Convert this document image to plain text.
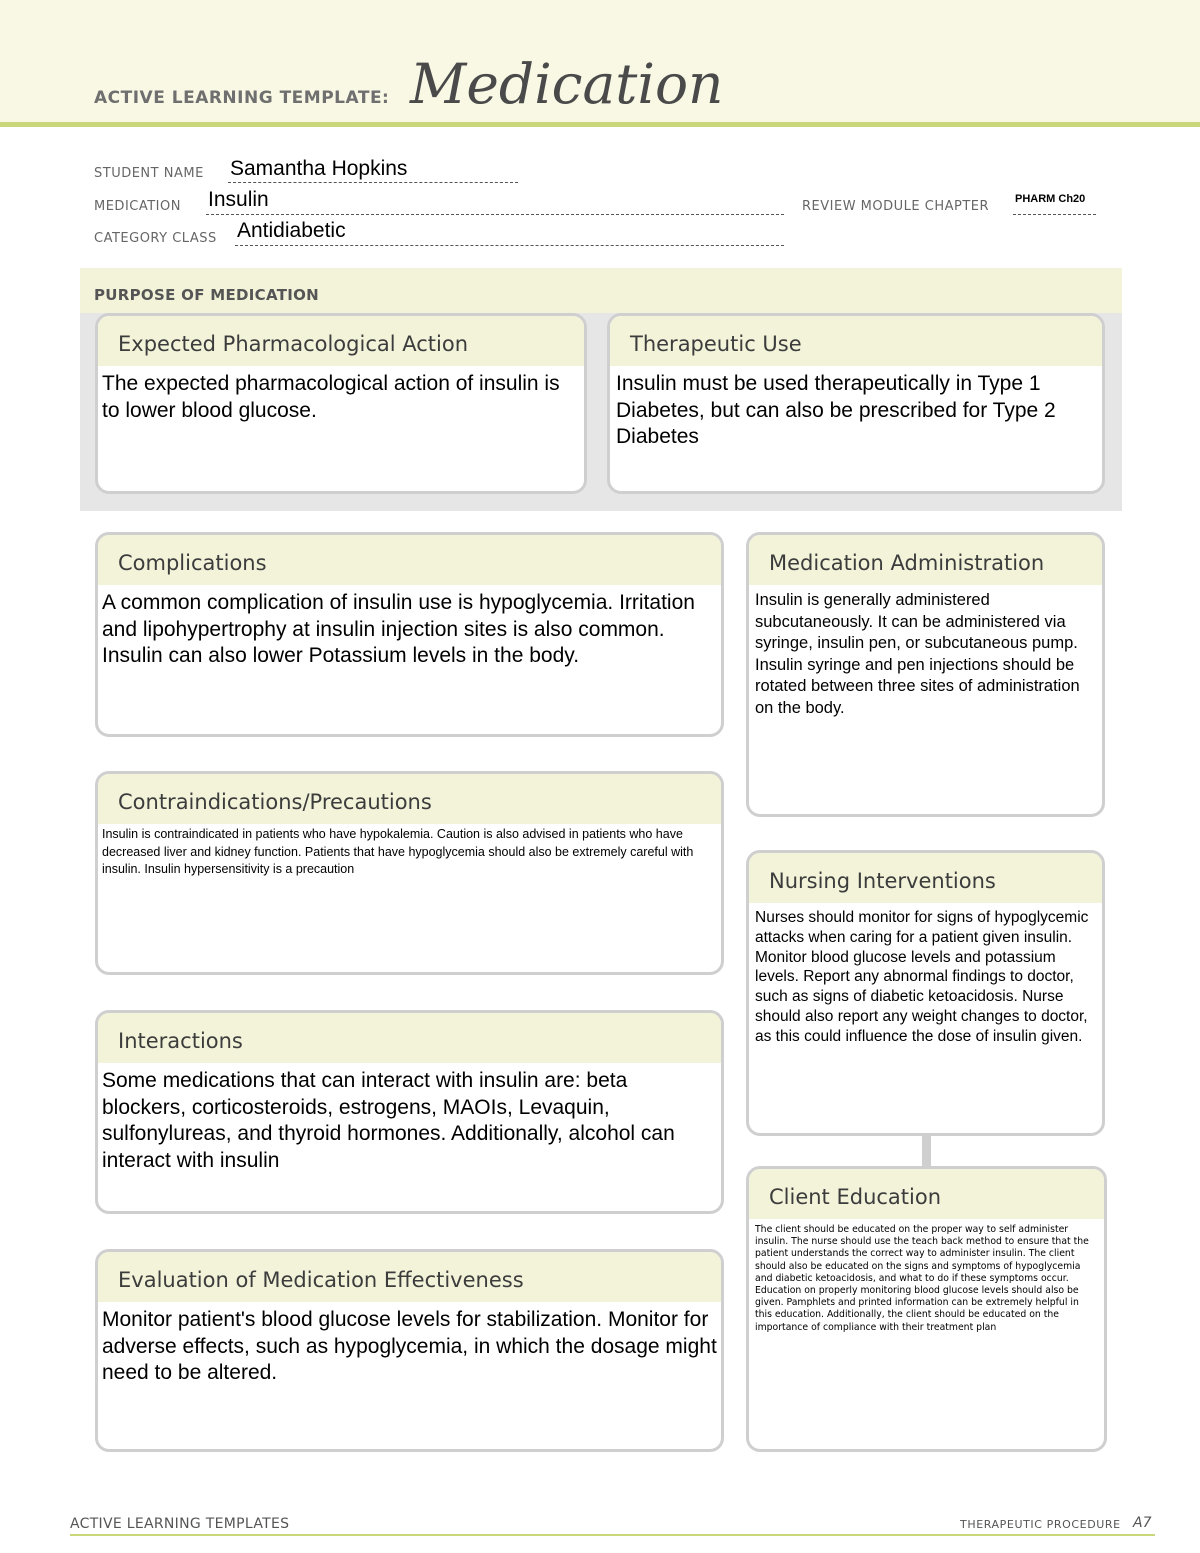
ACTIVE LEARNING TEMPLATE: Medication
STUDENT NAME Samantha Hopkins
MEDICATION Insulin	REVIEW MODULE CHAPTER PHARM Ch20
CATEGORY CLASS Antidiabetic
PURPOSE OF MEDICATION
Expected Pharmacological Action
The expected pharmacological action of insulin is to lower blood glucose.
Therapeutic Use
Insulin must be used therapeutically in Type 1 Diabetes, but can also be prescribed for Type 2 Diabetes
Complications
A common complication of insulin use is hypoglycemia. Irritation and lipohypertrophy at insulin injection sites is also common. Insulin can also lower Potassium levels in the body.
Medication Administration
Insulin is generally administered subcutaneously. It can be administered via syringe, insulin pen, or subcutaneous pump. Insulin syringe and pen injections should be rotated between three sites of administration on the body.
Contraindications/Precautions
Insulin is contraindicated in patients who have hypokalemia. Caution is also advised in patients who have decreased liver and kidney function. Patients that have hypoglycemia should also be extremely careful with insulin. Insulin hypersensitivity is a precaution	Nursing Interventions
Nurses should monitor for signs of hypoglycemic attacks when caring for a patient given insulin. Monitor blood glucose levels and potassium levels. Report any abnormal findings to doctor, such as signs of diabetic ketoacidosis. Nurse should also report any weight changes to doctor, as this could influence the dose of insulin given.
Interactions
Some medications that can interact with insulin are: beta blockers, corticosteroids, estrogens, MAOIs, Levaquin, sulfonylureas, and thyroid hormones. Additionally, alcohol can interact with insulin
Client Education
The client should be educated on the proper way to self administer insulin. The nurse should use the teach back method to ensure that the patient understands the correct way to administer insulin. The client should also be educated on the signs and symptoms of hypoglycemia and diabetic ketoacidosis, and what to do if these symptoms occur. Education on properly monitoring blood glucose levels should also be given. Pamphlets and printed information can be extremely helpful in this education. Additionally, the client should be educated on the importance of compliance with their treatment plan
Evaluation of Medication Effectiveness
Monitor patient's blood glucose levels for stabilization. Monitor for adverse effects, such as hypoglycemia, in which the dosage might need to be altered.
ACTIVE LEARNING TEMPLATES	THERAPEUTIC PROCEDURE A7
